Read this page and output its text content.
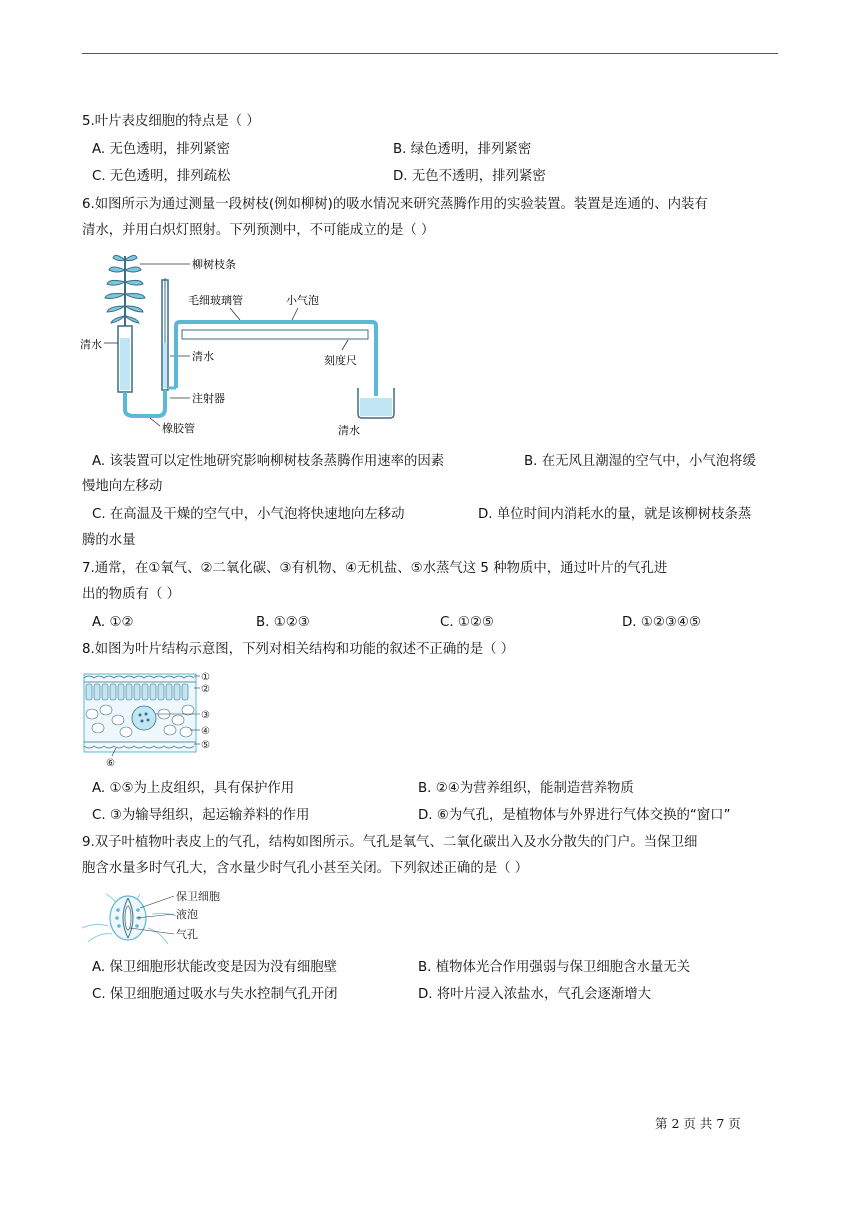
5.叶片表皮细胞的特点是（ ）
A. 无色透明，排列紧密	B. 绿色透明，排列紧密
C. 无色透明，排列疏松	D. 无色不透明，排列紧密
6.如图所示为通过测量一段树枝(例如柳树)的吸水情况来研究蒸腾作用的实验装置。装置是连通的、内装有
清水，并用白炽灯照射。下列预测中，不可能成立的是（ ）
柳树枝条
清水
清水
注射器
橡胶管
毛细玻璃管	小气泡
刻度尺
清水
A. 该装置可以定性地研究影响柳树枝条蒸腾作用速率的因素	B. 在无风且潮湿的空气中，小气泡将缓
慢地向左移动
C. 在高温及干燥的空气中，小气泡将快速地向左移动	D. 单位时间内消耗水的量，就是该柳树枝条蒸
腾的水量
7.通常，在①氧气、②二氧化碳、③有机物、④无机盐、⑤水蒸气这 5 种物质中，通过叶片的气孔进
出的物质有（ ）
A. ①②	B. ①②③	C. ①②⑤	D. ①②③④⑤
8.如图为叶片结构示意图，下列对相关结构和功能的叙述不正确的是（ ）
①
②
③
④
⑤
⑥
A. ①⑤为上皮组织，具有保护作用	B. ②④为营养组织，能制造营养物质
C. ③为输导组织，起运输养料的作用	D. ⑥为气孔，是植物体与外界进行气体交换的“窗口”
9.双子叶植物叶表皮上的气孔，结构如图所示。气孔是氧气、二氧化碳出入及水分散失的门户。当保卫细
胞含水量多时气孔大，含水量少时气孔小甚至关闭。下列叙述正确的是（ ）
保卫细胞
液泡
气孔
A. 保卫细胞形状能改变是因为没有细胞壁	B. 植物体光合作用强弱与保卫细胞含水量无关
C. 保卫细胞通过吸水与失水控制气孔开闭	D. 将叶片浸入浓盐水，气孔会逐渐增大
第 2 页 共 7 页
